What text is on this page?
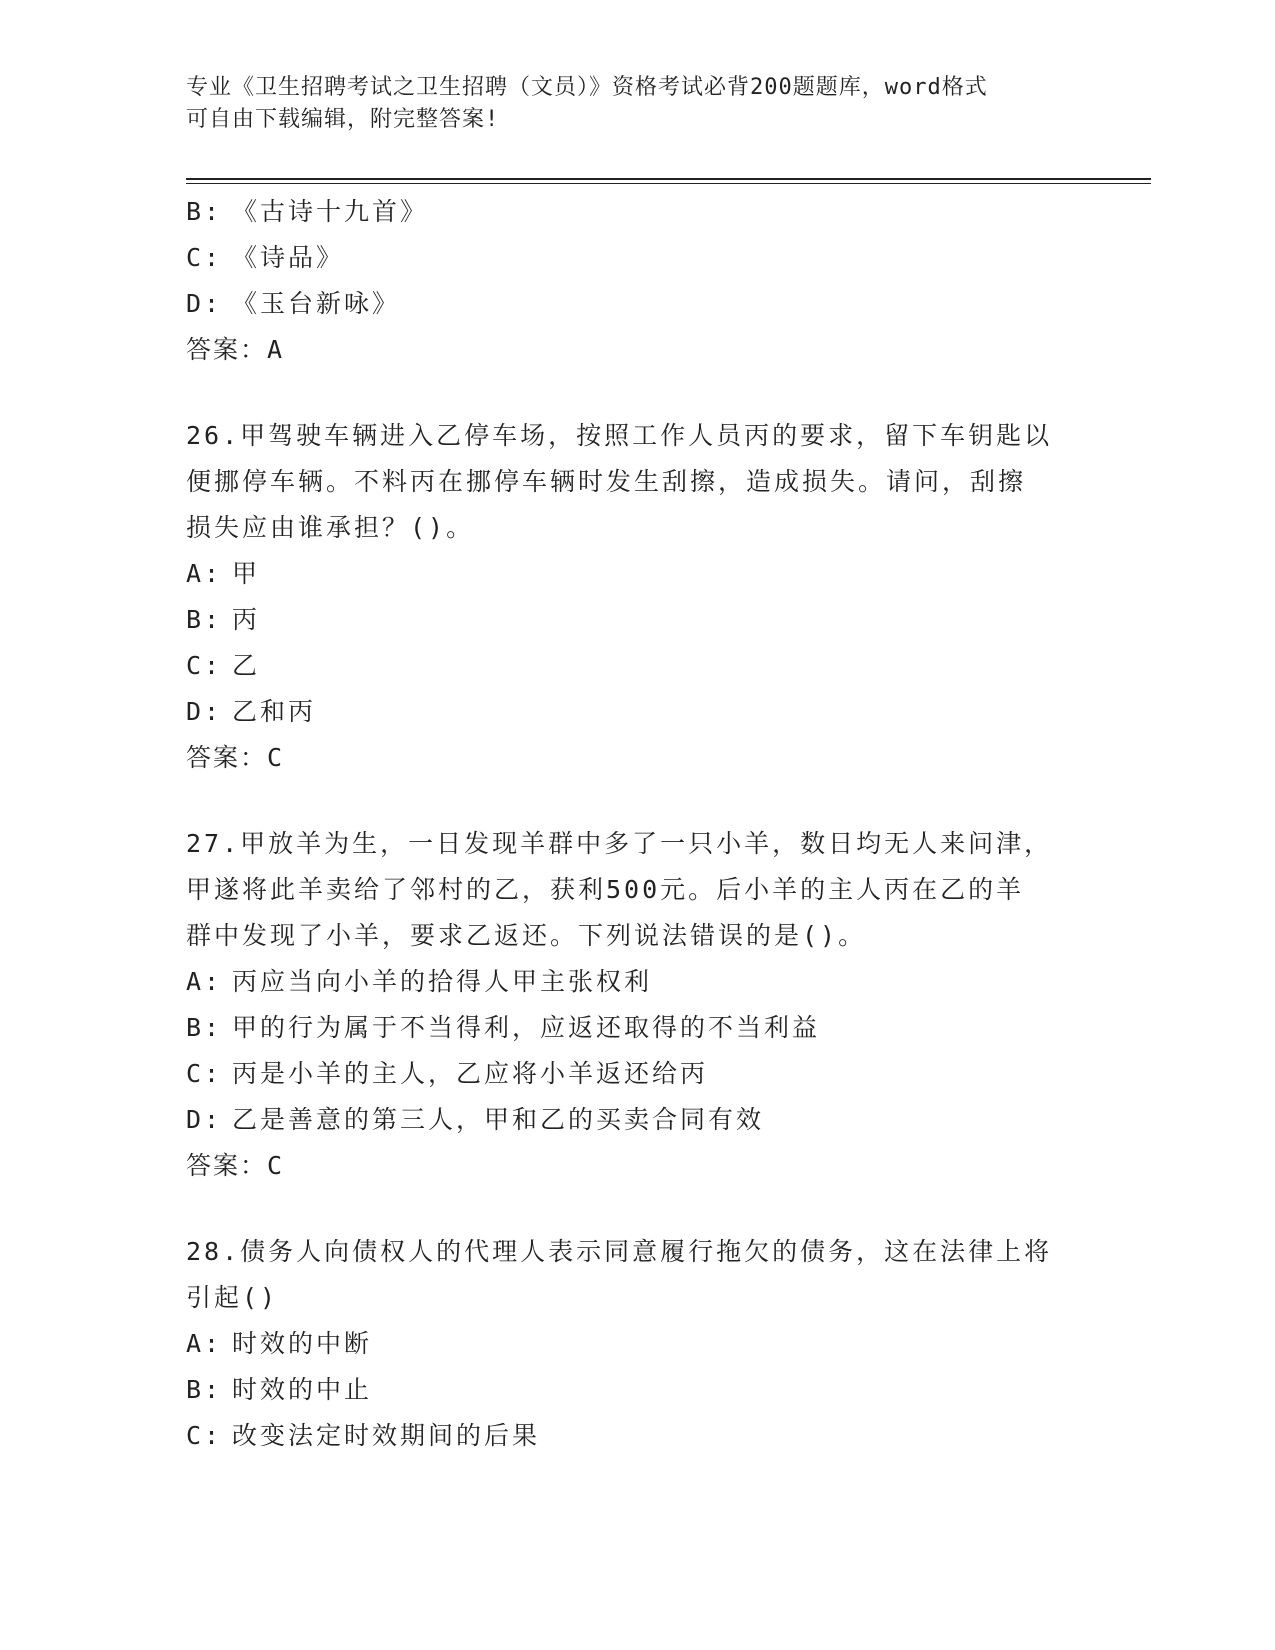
专业《卫生招聘考试之卫生招聘（文员）》资格考试必背200题题库，word格式
可自由下载编辑，附完整答案!
B: 《古诗十九首》
C: 《诗品》
D: 《玉台新咏》
答案：A
26.甲驾驶车辆进入乙停车场，按照工作人员丙的要求，留下车钥匙以
便挪停车辆。不料丙在挪停车辆时发生刮擦，造成损失。请问，刮擦
损失应由谁承担？()。
A: 甲
B: 丙
C: 乙
D: 乙和丙
答案：C
27.甲放羊为生，一日发现羊群中多了一只小羊，数日均无人来问津，
甲遂将此羊卖给了邻村的乙，获利500元。后小羊的主人丙在乙的羊
群中发现了小羊，要求乙返还。下列说法错误的是()。
A: 丙应当向小羊的拾得人甲主张权利
B: 甲的行为属于不当得利，应返还取得的不当利益
C: 丙是小羊的主人，乙应将小羊返还给丙
D: 乙是善意的第三人，甲和乙的买卖合同有效
答案：C
28.债务人向债权人的代理人表示同意履行拖欠的债务，这在法律上将
引起()
A: 时效的中断
B: 时效的中止
C: 改变法定时效期间的后果
